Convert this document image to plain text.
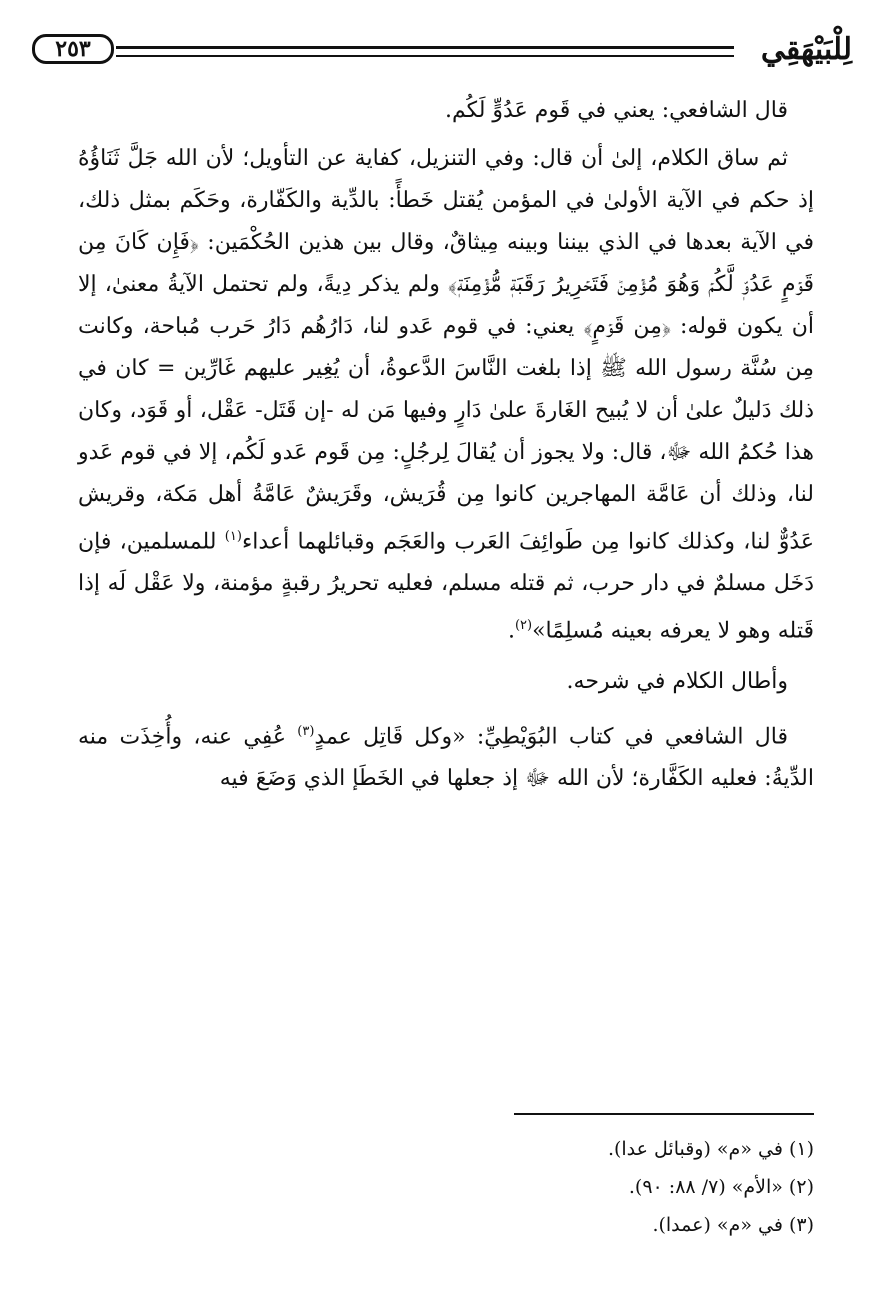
لِلْبَيْهَقِي
٢٥٣

قال الشافعي: يعني في قَوم عَدُوٍّ لَكُم.

ثم ساق الكلام، إلىٰ أن قال: وفي التنزيل، كفاية عن التأويل؛ لأن الله جَلَّ ثَنَاؤُهُ إذ حكم في الآية الأولىٰ في المؤمن يُقتل خَطأً: بالدِّية والكَفّارة، وحَكَم بمثل ذلك، في الآية بعدها في الذي بيننا وبينه مِيثاقٌ، وقال بين هذين الحُكْمَين: ﴿فَإِن كَانَ مِن قَوۡمٍ عَدُوّٖ لَّكُمۡ وَهُوَ مُؤۡمِنٞ فَتَحۡرِيرُ رَقَبَةٖ مُّؤۡمِنَةٖ﴾ ولم يذكر دِيةً، ولم تحتمل الآيةُ معنىٰ، إلا أن يكون قوله: ﴿مِن قَوۡمٍ﴾ يعني: في قوم عَدو لنا، دَارُهُم دَارُ حَرب مُباحة، وكانت مِن سُنَّة رسول الله ﷺ إذا بلغت النَّاسَ الدَّعوةُ، أن يُغِير عليهم غَارِّين = كان في ذلك دَليلٌ علىٰ أن لا يُبيح الغَارةَ علىٰ دَارٍ وفيها مَن له -إن قَتَل- عَقْل، أو قَوَد، وكان هذا حُكمُ الله ﷻ، قال: ولا يجوز أن يُقالَ لِرجُلٍ: مِن قَوم عَدو لَكُم، إلا في قوم عَدو لنا، وذلك أن عَامَّة المهاجرين كانوا مِن قُرَيش، وقَرَيشٌ عَامَّةُ أهل مَكة، وقريش عَدُوٌّ لنا، وكذلك كانوا مِن طَوائِفَ العَرب والعَجَم وقبائلهما أعداء$^{(١)}$ للمسلمين، فإن دَخَل مسلمٌ في دار حرب، ثم قتله مسلم، فعليه تحريرُ رقبةٍ مؤمنة، ولا عَقْل لَه إذا قَتله وهو لا يعرفه بعينه مُسلِمًا»$^{(٢)}$.

وأطال الكلام في شرحه.

قال الشافعي في كتاب البُوَيْطِيِّ: «وكل قَاتِل عمدٍ$^{(٣)}$ عُفِي عنه، وأُخِذَت منه الدِّيةُ: فعليه الكَفَّارة؛ لأن الله ﷻ إذ جعلها في الخَطَإ الذي وَضَعَ فيه

(١) في «م» (وقبائل عدا).

(٢) «الأم» (٧/ ٨٨: ٩٠).

(٣) في «م» (عمدا).
